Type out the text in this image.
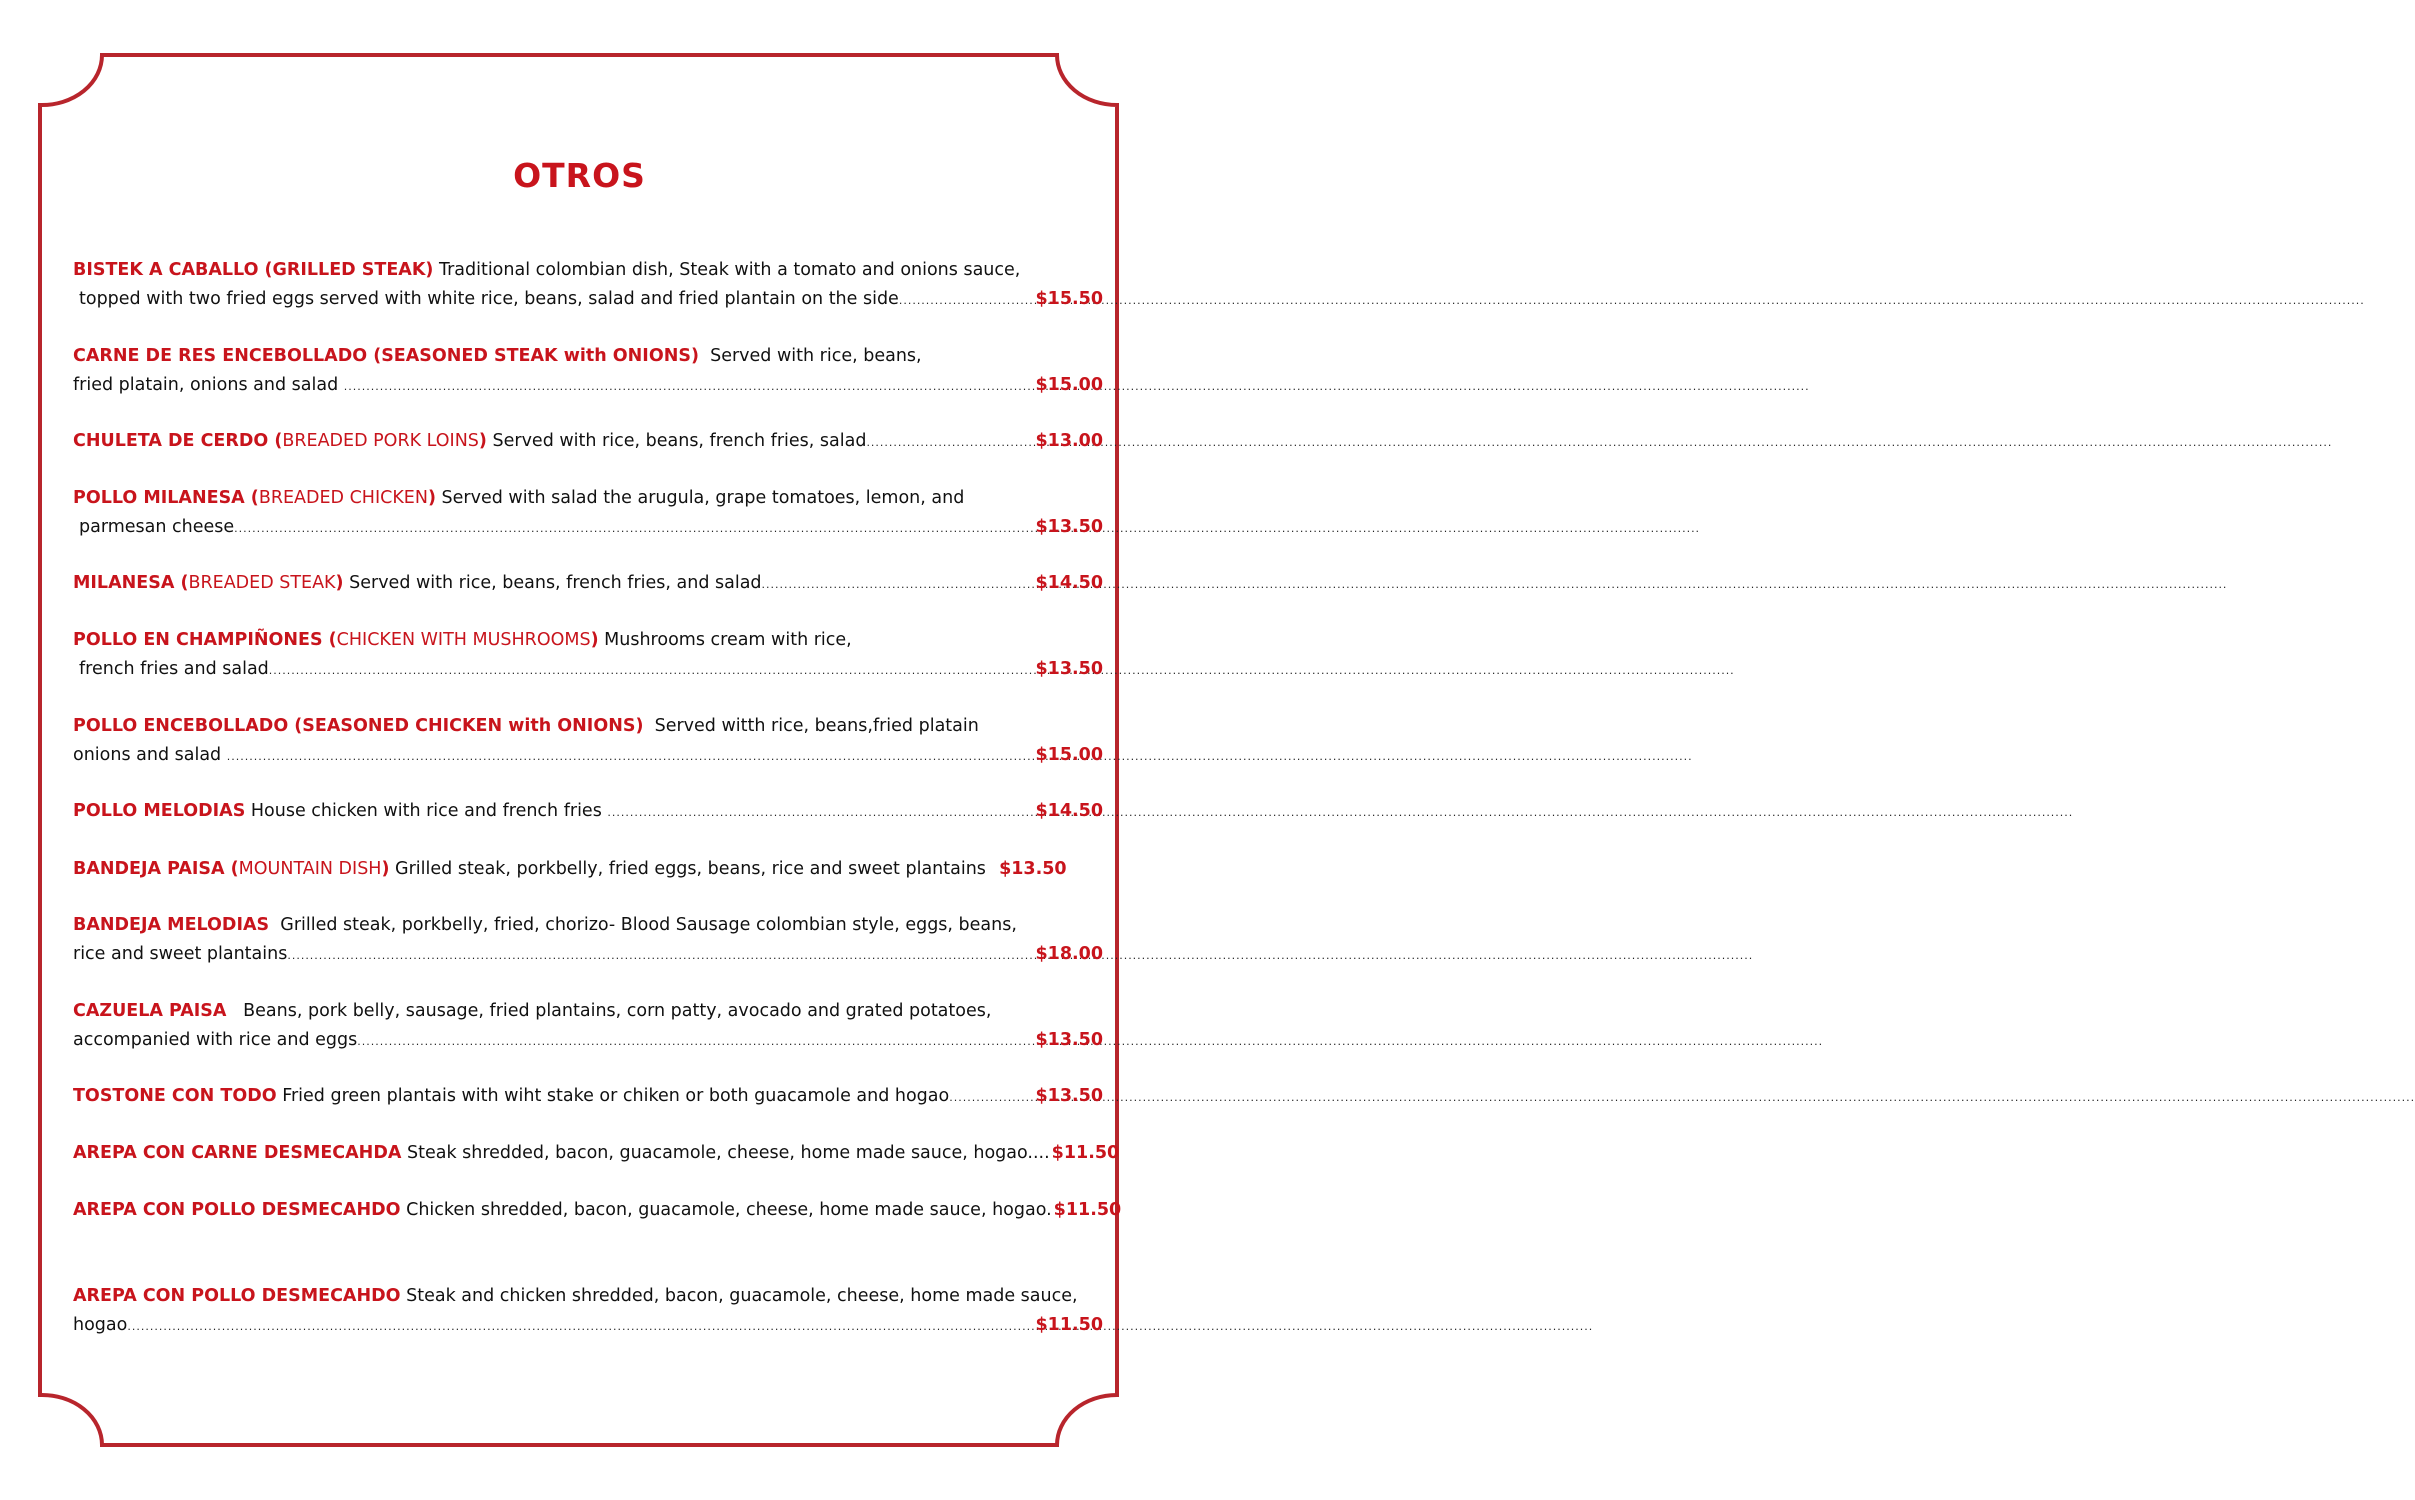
OTROS
BISTEK A CABALLO (GRILLED STEAK)
Traditional colombian dish, Steak with a tomato and onions sauce,
topped with two fried eggs served with white rice, beans, salad and fried plantain on the side .....	$15.50
CARNE DE RES ENCEBOLLADO (SEASONED STEAK with ONIONS)
Served with rice, beans,
fried platain, onions and salad
.....	$15.00
CHULETA DE CERDO ( BREADED PORK LOINS )
Served with rice, beans, french fries, salad .....	$13.00
POLLO MILANESA ( BREADED CHICKEN )
Served with salad the arugula, grape tomatoes, lemon, and
parmesan cheese .....	$13.50
MILANESA ( BREADED STEAK )
Served with rice, beans, french fries, and salad .....	$14.50
POLLO EN CHAMPIÑONES ( CHICKEN WITH MUSHROOMS )
Mushrooms cream with rice,
french fries and salad .....	$13.50
POLLO ENCEBOLLADO (SEASONED CHICKEN with ONIONS)
Served witth rice, beans,fried platain
onions and salad
.....	$15.00
POLLO MELODIAS
House chicken with rice and french fries
.....	$14.50
BANDEJA PAISA ( MOUNTAIN DISH )
Grilled steak, porkbelly, fried eggs, beans, rice and sweet plantains
$13.50
BANDEJA MELODIAS
Grilled steak, porkbelly, fried, chorizo- Blood Sausage colombian style, eggs, beans,
rice and sweet plantains .....	$18.00
CAZUELA PAISA
Beans, pork belly, sausage, fried plantains, corn patty, avocado and grated potatoes,
accompanied with rice and eggs .....	$13.50
TOSTONE CON TODO
Fried green plantais with wiht stake or chiken or both guacamole and hogao .....	$13.50
AREPA CON CARNE DESMECAHDA
Steak shredded, bacon, guacamole, cheese, home made sauce, hogao.... $11.50
AREPA CON POLLO DESMECAHDO
Chicken shredded, bacon, guacamole, cheese, home made sauce, hogao. $11.50
AREPA CON POLLO DESMECAHDO
Steak and chicken shredded, bacon, guacamole, cheese, home made sauce,
hogao .....	$11.50
